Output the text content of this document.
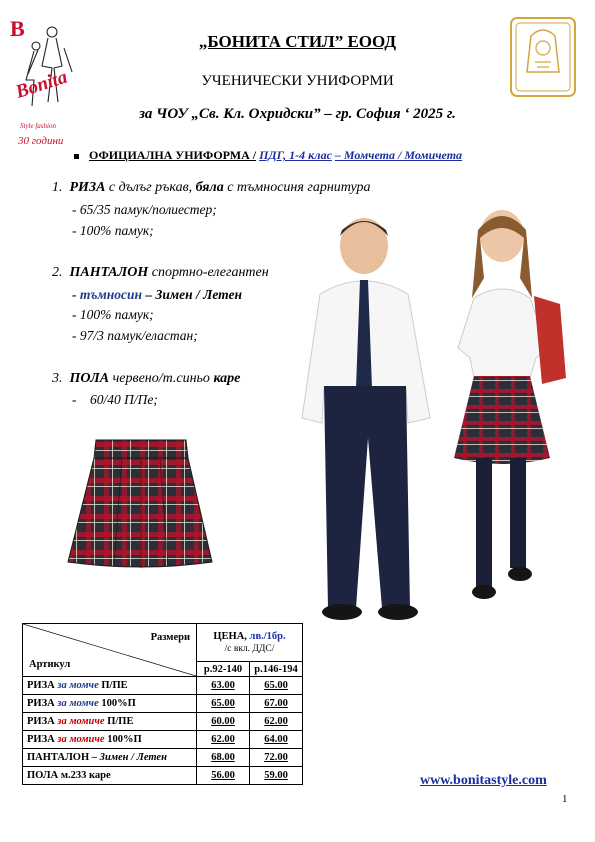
B
Bonita
Style fashion
30 години
„БОНИТА СТИЛ” ЕООД
УЧЕНИЧЕСКИ УНИФОРМИ
за ЧОУ „Св. Кл. Охридски” – гр. София ‘ 2025 г.
ОФИЦИАЛНА УНИФОРМА / ПДГ, 1-4 клас – Момчета / Момичета
1. РИЗА с дълъг ръкав, бяла с тъмносиня гарнитура
- 65/35 памук/полиестер;
- 100% памук;
2. ПАНТАЛОН спортно-елегантен
- тъмносин – Зимен / Летен
- 100% памук;
- 97/3 памук/еластан;
3. ПОЛА червено/т.синьо каре
-    60/40 П/Пе;
Размери
Артикул	ЦЕНА, лв./1бр.
/с вкл. ДДС/	
	р.92-140	р.146-194
РИЗА за момче П/ПЕ	63.00	65.00
РИЗА за момче 100%П	65.00	67.00
РИЗА за момиче П/ПЕ	60.00	62.00
РИЗА за момиче 100%П	62.00	64.00
ПАНТАЛОН – Зимен / Летен	68.00	72.00
ПОЛА м.233 каре	56.00	59.00	www.bonitastyle.com
1
